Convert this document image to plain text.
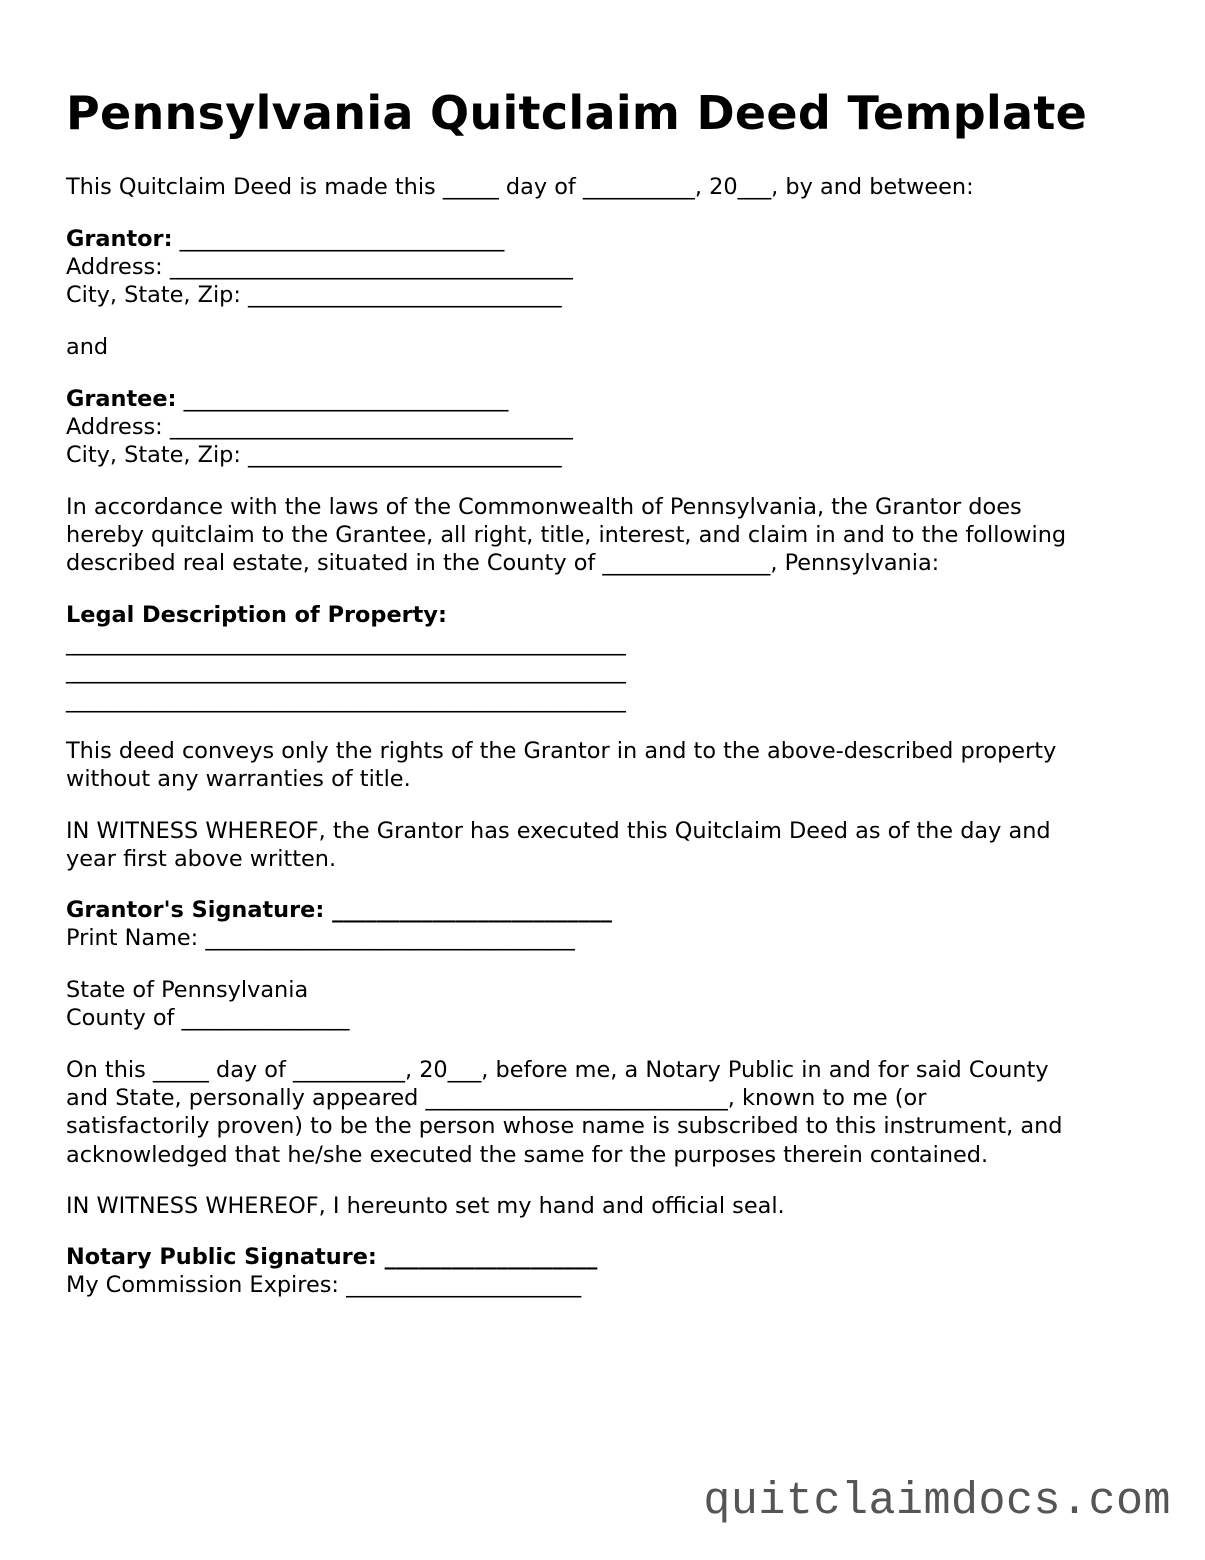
Pennsylvania Quitclaim Deed Template
This Quitclaim Deed is made this _____ day of __________, 20___, by and between:
Grantor: _____________________________
Address: ____________________________________
City, State, Zip: ____________________________
and
Grantee: _____________________________
Address: ____________________________________
City, State, Zip: ____________________________
In accordance with the laws of the Commonwealth of Pennsylvania, the Grantor does
hereby quitclaim to the Grantee, all right, title, interest, and claim in and to the following
described real estate, situated in the County of _______________, Pennsylvania:
Legal Description of Property:
__________________________________________________
__________________________________________________
__________________________________________________
This deed conveys only the rights of the Grantor in and to the above-described property
without any warranties of title.
IN WITNESS WHEREOF, the Grantor has executed this Quitclaim Deed as of the day and
year first above written.
Grantor's Signature: _________________________
Print Name: _________________________________
State of Pennsylvania
County of _______________
On this _____ day of __________, 20___, before me, a Notary Public in and for said County
and State, personally appeared ___________________________, known to me (or
satisfactorily proven) to be the person whose name is subscribed to this instrument, and
acknowledged that he/she executed the same for the purposes therein contained.
IN WITNESS WHEREOF, I hereunto set my hand and official seal.
Notary Public Signature: ___________________
My Commission Expires: _____________________
quitclaimdocs.com
